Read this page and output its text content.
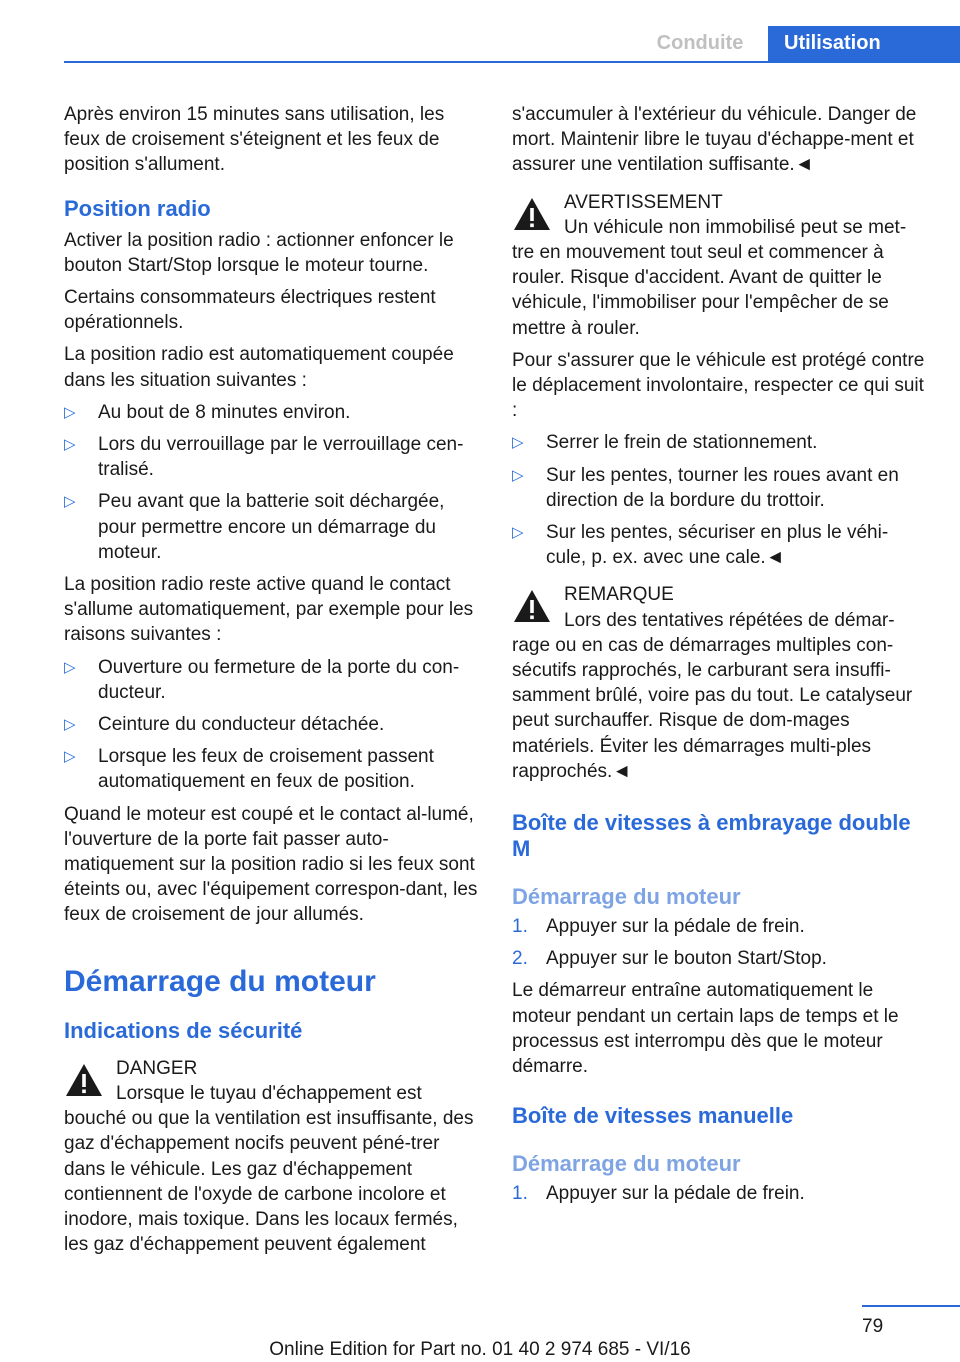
Conduite	Utilisation

Après environ 15 minutes sans utilisation, les feux de croisement s'éteignent et les feux de position s'allument.

Position radio

Activer la position radio : actionner enfoncer le bouton Start/Stop lorsque le moteur tourne.

Certains consommateurs électriques restent opérationnels.

La position radio est automatiquement coupée dans les situation suivantes :

▷ Au bout de 8 minutes environ.
▷ Lors du verrouillage par le verrouillage cen‐tralisé.
▷ Peu avant que la batterie soit déchargée, pour permettre encore un démarrage du moteur.

La position radio reste active quand le contact s'allume automatiquement, par exemple pour les raisons suivantes :

▷ Ouverture ou fermeture de la porte du con‐ducteur.
▷ Ceinture du conducteur détachée.
▷ Lorsque les feux de croisement passent automatiquement en feux de position.

Quand le moteur est coupé et le contact al‐lumé, l'ouverture de la porte fait passer auto‐matiquement sur la position radio si les feux sont éteints ou, avec l'équipement correspon‐dant, les feux de croisement de jour allumés.

Démarrage du moteur
Indications de sécurité
DANGER
Lorsque le tuyau d'échappement est
bouché ou que la ventilation est insuffisante, des gaz d'échappement nocifs peuvent péné‐trer dans le véhicule. Les gaz d'échappement contiennent de l'oxyde de carbone incolore et inodore, mais toxique. Dans les locaux fermés, les gaz d'échappement peuvent également

s'accumuler à l'extérieur du véhicule. Danger de mort. Maintenir libre le tuyau d'échappe‐ment et assurer une ventilation suffisante.◄

AVERTISSEMENT
Un véhicule non immobilisé peut se met‐
tre en mouvement tout seul et commencer à rouler. Risque d'accident. Avant de quitter le véhicule, l'immobiliser pour l'empêcher de se mettre à rouler.

Pour s'assurer que le véhicule est protégé contre le déplacement involontaire, respecter ce qui suit :

▷ Serrer le frein de stationnement.
▷ Sur les pentes, tourner les roues avant en direction de la bordure du trottoir.
▷ Sur les pentes, sécuriser en plus le véhi‐cule, p. ex. avec une cale.◄
REMARQUE
Lors des tentatives répétées de démar‐
rage ou en cas de démarrages multiples con‐sécutifs rapprochés, le carburant sera insuffi‐samment brûlé, voire pas du tout. Le catalyseur peut surchauffer. Risque de dom‐mages matériels. Éviter les démarrages multi‐ples rapprochés.◄
Boîte de vitesses à embrayage double M
Démarrage du moteur
1. Appuyer sur la pédale de frein.
2. Appuyer sur le bouton Start/Stop.

Le démarreur entraîne automatiquement le moteur pendant un certain laps de temps et le processus est interrompu dès que le moteur démarre.

Boîte de vitesses manuelle
Démarrage du moteur
1. Appuyer sur la pédale de frein.
79
Online Edition for Part no. 01 40 2 974 685 - VI/16
